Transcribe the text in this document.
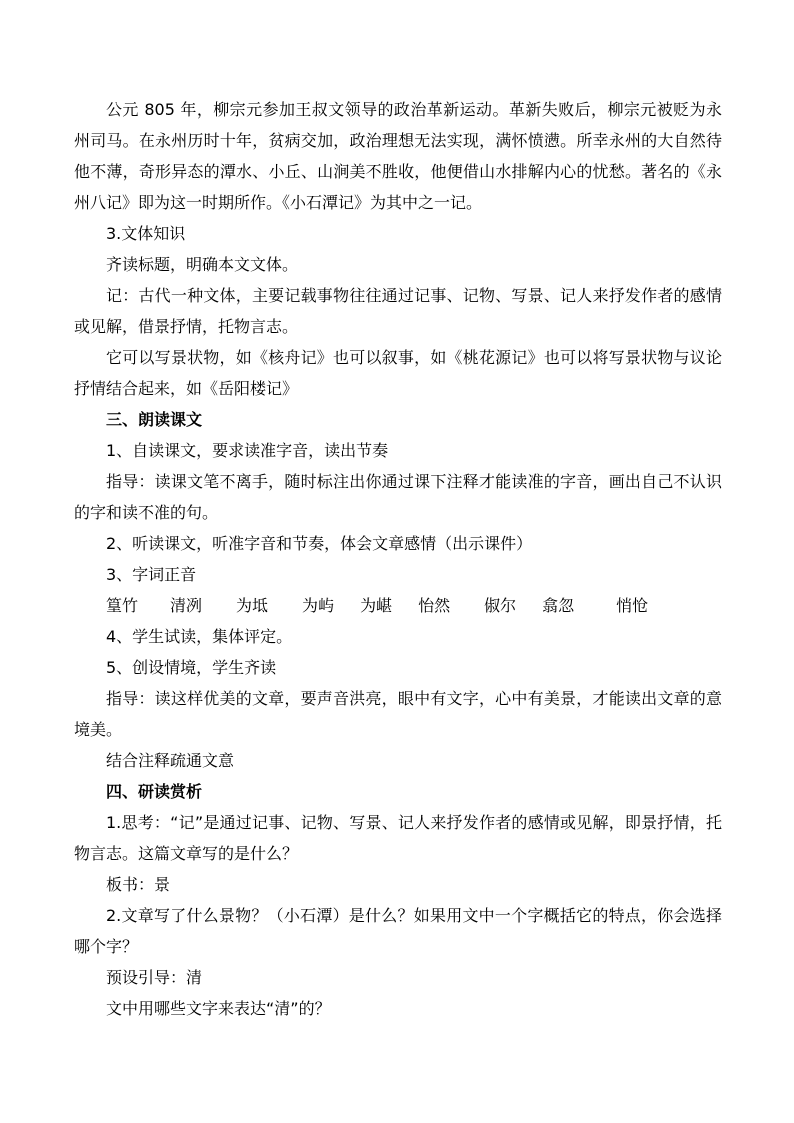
公元 805 年，柳宗元参加王叔文领导的政治革新运动。革新失败后，柳宗元被贬为永州司马。在永州历时十年，贫病交加，政治理想无法实现，满怀愤懑。所幸永州的大自然待他不薄，奇形异态的潭水、小丘、山涧美不胜收，他便借山水排解内心的忧愁。著名的《永州八记》即为这一时期所作。《小石潭记》为其中之一记。

3.文体知识

齐读标题，明确本文文体。

记：古代一种文体，主要记载事物往往通过记事、记物、写景、记人来抒发作者的感情或见解，借景抒情，托物言志。

它可以写景状物，如《核舟记》也可以叙事，如《桃花源记》也可以将写景状物与议论抒情结合起来，如《岳阳楼记》

三、朗读课文

1、自读课文，要求读准字音，读出节奏

指导：读课文笔不离手，随时标注出你通过课下注释才能读准的字音，画出自己不认识的字和读不准的句。

2、听读课文，听准字音和节奏，体会文章感情（出示课件）

3、字词正音

篁竹 清冽 为坻 为屿 为嵁 怡然 俶尔 翕忽	悄怆

4、学生试读，集体评定。

5、创设情境，学生齐读

指导：读这样优美的文章，要声音洪亮，眼中有文字，心中有美景，才能读出文章的意境美。

结合注释疏通文意

四、研读赏析

1.思考：“记”是通过记事、记物、写景、记人来抒发作者的感情或见解，即景抒情，托物言志。这篇文章写的是什么？

板书：景

2.文章写了什么景物？（小石潭）是什么？如果用文中一个字概括它的特点，你会选择哪个字？

预设引导：清

文中用哪些文字来表达“清”的？
